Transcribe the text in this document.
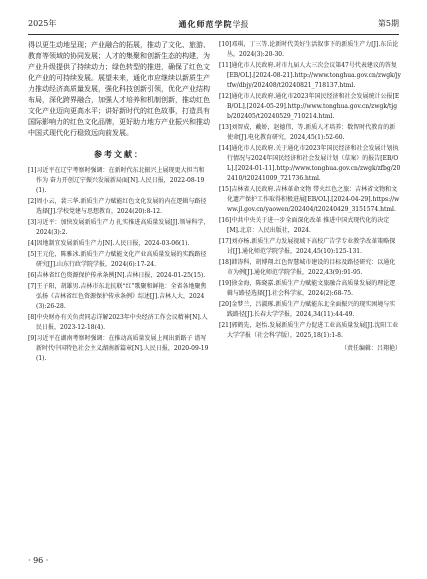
2025年	通化师范学院学报	第5期

得以更生动地呈现；产业融合的拓展，推动了文化、旅游、教育等领域的协同发展；人才的集聚和创新生态的构建，为产业升级提供了持续动力；绿色转型的推进，确保了红色文化产业的可持续发展。展望未来，通化市应继续以新质生产力推动经济高质量发展，强化科技创新引领，优化产业结构布局，深化跨界融合，加强人才培养和机制创新，推动红色文化产业迈向更高水平；讲好新时代的红色故事，打造具有国际影响力的红色文化品牌，更好助力地方产业振兴和推动中国式现代化行稳致远向前发展。

参考文献：

[1]习近平在辽宁考察时强调：在新时代东北振兴上展现更大担当和作为 奋力开创辽宁振兴发展新局面[N].人民日报，2022-08-19(1).

[2]周小云，裴三华.新质生产力赋能红色文化发展的内在逻辑与路径选择[J].学校党建与思想教育，2024(20):8-12.

[3]习近平：加快发展新质生产力 扎实推进高质量发展[J].领导科学，2024(3):2.

[4]因地制宜发展新质生产力[N].人民日报，2024-03-06(1).

[5]王元伦，陈雅冰.新质生产力赋能文化产业高质量发展的实践路径研究[J].山东行政学院学报，2024(6):17-24.

[6]吉林省红色资源保护传承条例[N].吉林日报，2024-01-25(15).

[7]王子阳，胡雄男.吉林市东北抗联“红”歌聚和鲜艳：全省各地聚焦弘扬《吉林省红色资源保护传承条例》综述[J].吉林人大，2024(3):26-28.

[8]中央财办有关负责同志详解2023年中央经济工作会议精神[N].人民日报，2023-12-18(4).

[9]习近平在湖南考察时强调：在推动高质量发展上闯出新路子 谱写新时代中国特色社会主义湖南新篇章[N].人民日报，2020-09-19(1).

[10]邓琪，丁三等.论新时代美好生活叙事下的新质生产力[J].东岳论丛，2024(3):20-30.

[11]通化市人民政府.对市九届人大三次会议第47号代表建议的答复[EB/OL].[2024-08-21].http://www.tonghua.gov.cn/zwgk/jytfw/dbjy/202408/t20240821_718137.html.

[12]通化市人民政府.通化市2023年国民经济和社会发展统计公报[EB/OL].[2024-05-29].http://www.tonghua.gov.cn/zwgk/tjgb/202405/t20240529_710214.html.

[13]刘智成，戴娇，赵德伟，等.新质人才培养：数智时代教育的新使命[J].电化教育研究，2024,45(1):52-60.

[14]通化市人民政府.关于通化市2023年国民经济和社会发展计划执行情况与2024年国民经济和社会发展计划（草案）的报告[EB/OL].[2024-01-11].http://www.tonghua.gov.cn/zwgk/zfbg/202410/t20241009_721736.html.

[15]吉林省人民政府.吉林革命文物 带火红色之旅：吉林省文物和文化遗产保护工作取得积极进展[EB/OL].[2024-04-29].https://www.jl.gov.cn/yaowen/202404/t20240429_3151574.html.

[16]中共中央关于进一步全面深化改革 推进中国式现代化的决定[M].北京：人民出版社，2024.

[17]刘亦杨.新质生产力发展视域下高校广告学专业教学改革策略探讨[J].通化师范学院学报，2024,45(10):125-131.

[18]韩涛科，胡博翔.红色智慧城市建设的目标及路径研究：以通化市为例[J].通化师范学院学报，2022,43(9):91-95.

[19]徐金海，陈晓嘉.新质生产力赋能文旅融合高质量发展的理论逻辑与路径选择[J].社会科学家，2024(2):68-75.

[20]金梦兰，吕淑琢.新质生产力赋能东北全面振兴的现实困境与实践路径[J].长春大学学报，2024,34(11):44-49.

[21]郭鹤先，赵怡.发展新质生产力促进工业高质量发展[J].沈阳工业大学学报（社会科学版），2025,18(1):1-8.

（责任编辑：吕翔艳）
· 96 ·
